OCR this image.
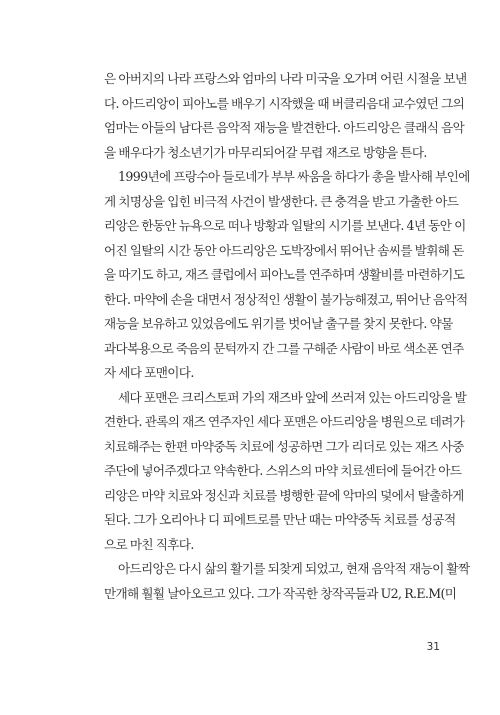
은 아버지의 나라 프랑스와 엄마의 나라 미국을 오가며 어린 시절을 보낸
다. 아드리앙이 피아노를 배우기 시작했을 때 버클리음대 교수였던 그의
엄마는 아들의 남다른 음악적 재능을 발견한다. 아드리앙은 클래식 음악
을 배우다가 청소년기가 마무리되어갈 무렵 재즈로 방향을 튼다.
1999년에 프랑수아 들로네가 부부 싸움을 하다가 총을 발사해 부인에
게 치명상을 입힌 비극적 사건이 발생한다. 큰 충격을 받고 가출한 아드
리앙은 한동안 뉴욕으로 떠나 방황과 일탈의 시기를 보낸다. 4년 동안 이
어진 일탈의 시간 동안 아드리앙은 도박장에서 뛰어난 솜씨를 발휘해 돈
을 따기도 하고, 재즈 클럽에서 피아노를 연주하며 생활비를 마련하기도
한다. 마약에 손을 대면서 정상적인 생활이 불가능해졌고, 뛰어난 음악적
재능을 보유하고 있었음에도 위기를 벗어날 출구를 찾지 못한다. 약물
과다복용으로 죽음의 문턱까지 간 그를 구해준 사람이 바로 색소폰 연주
자 세다 포맨이다.
세다 포맨은 크리스토퍼 가의 재즈바 앞에 쓰러져 있는 아드리앙을 발
견한다. 관록의 재즈 연주자인 세다 포맨은 아드리앙을 병원으로 데려가
치료해주는 한편 마약중독 치료에 성공하면 그가 리더로 있는 재즈 사중
주단에 넣어주겠다고 약속한다. 스위스의 마약 치료센터에 들어간 아드
리앙은 마약 치료와 정신과 치료를 병행한 끝에 악마의 덫에서 탈출하게
된다. 그가 오리아나 디 피에트로를 만난 때는 마약중독 치료를 성공적
으로 마친 직후다.
아드리앙은 다시 삶의 활기를 되찾게 되었고, 현재 음악적 재능이 활짝
만개해 훨훨 날아오르고 있다. 그가 작곡한 창작곡들과 U2, R.E.M(미
31
